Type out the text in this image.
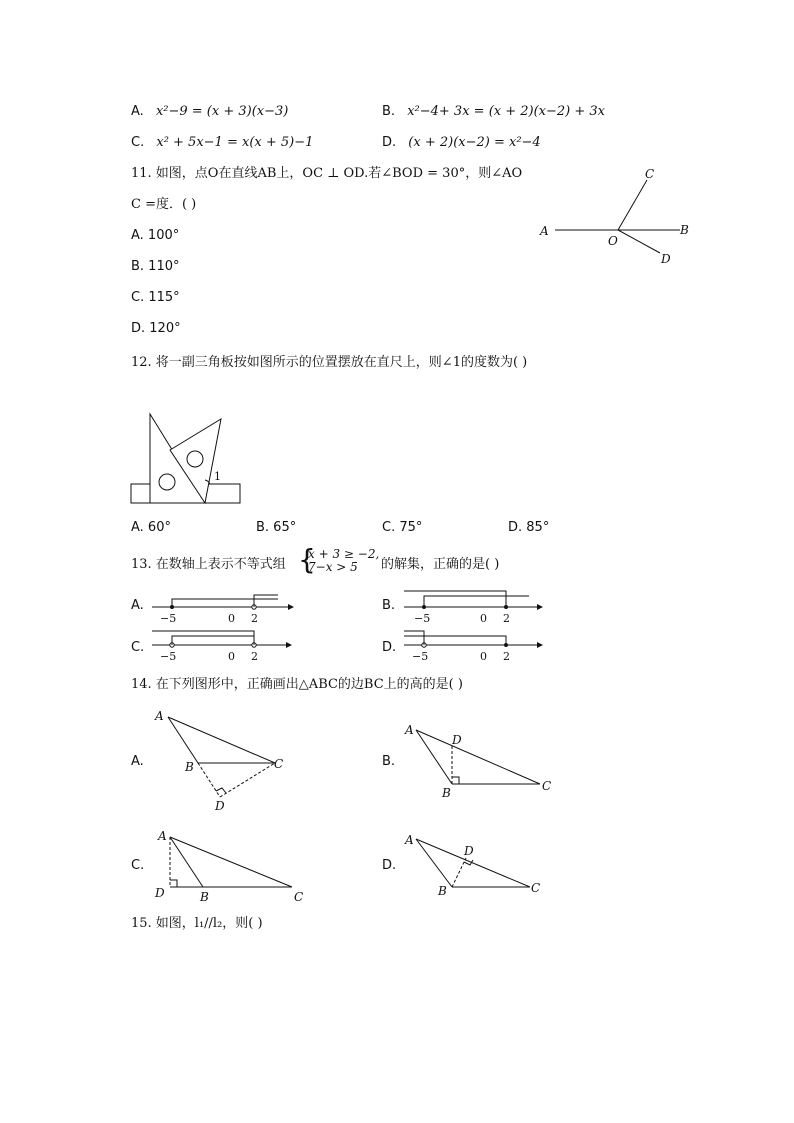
A. x²−9 = (x + 3)(x−3)	B. x²−4+ 3x = (x + 2)(x−2) + 3x
C. x² + 5x−1 = x(x + 5)−1	D. (x + 2)(x−2) = x²−4
11. 如图，点O在直线AB上，OC ⊥ OD.若∠BOD = 30°，则∠AO
C =度．( )
A. 100°
B. 110°
C. 115°
D. 120°
A	B
C
D
O
12. 将一副三角板按如图所示的位置摆放在直尺上，则∠1的度数为( )
1
A. 60°	B. 65°	C. 75°	D. 85°
13. 在数轴上表示不等式组 {
x + 3 ≥ −2,
7−x > 5 的解集，正确的是( )
A.
−5	0 2
B.
−5	0 2
C.
−5	0 2
D.
−5	0 2
14. 在下列图形中，正确画出△ABC的边BC上的高的是( )
A.
A
B	C
D
B.
A
B	C
D
C.
A
B	C
D
D.
A
B	C
D
15. 如图，l₁//l₂，则( )
